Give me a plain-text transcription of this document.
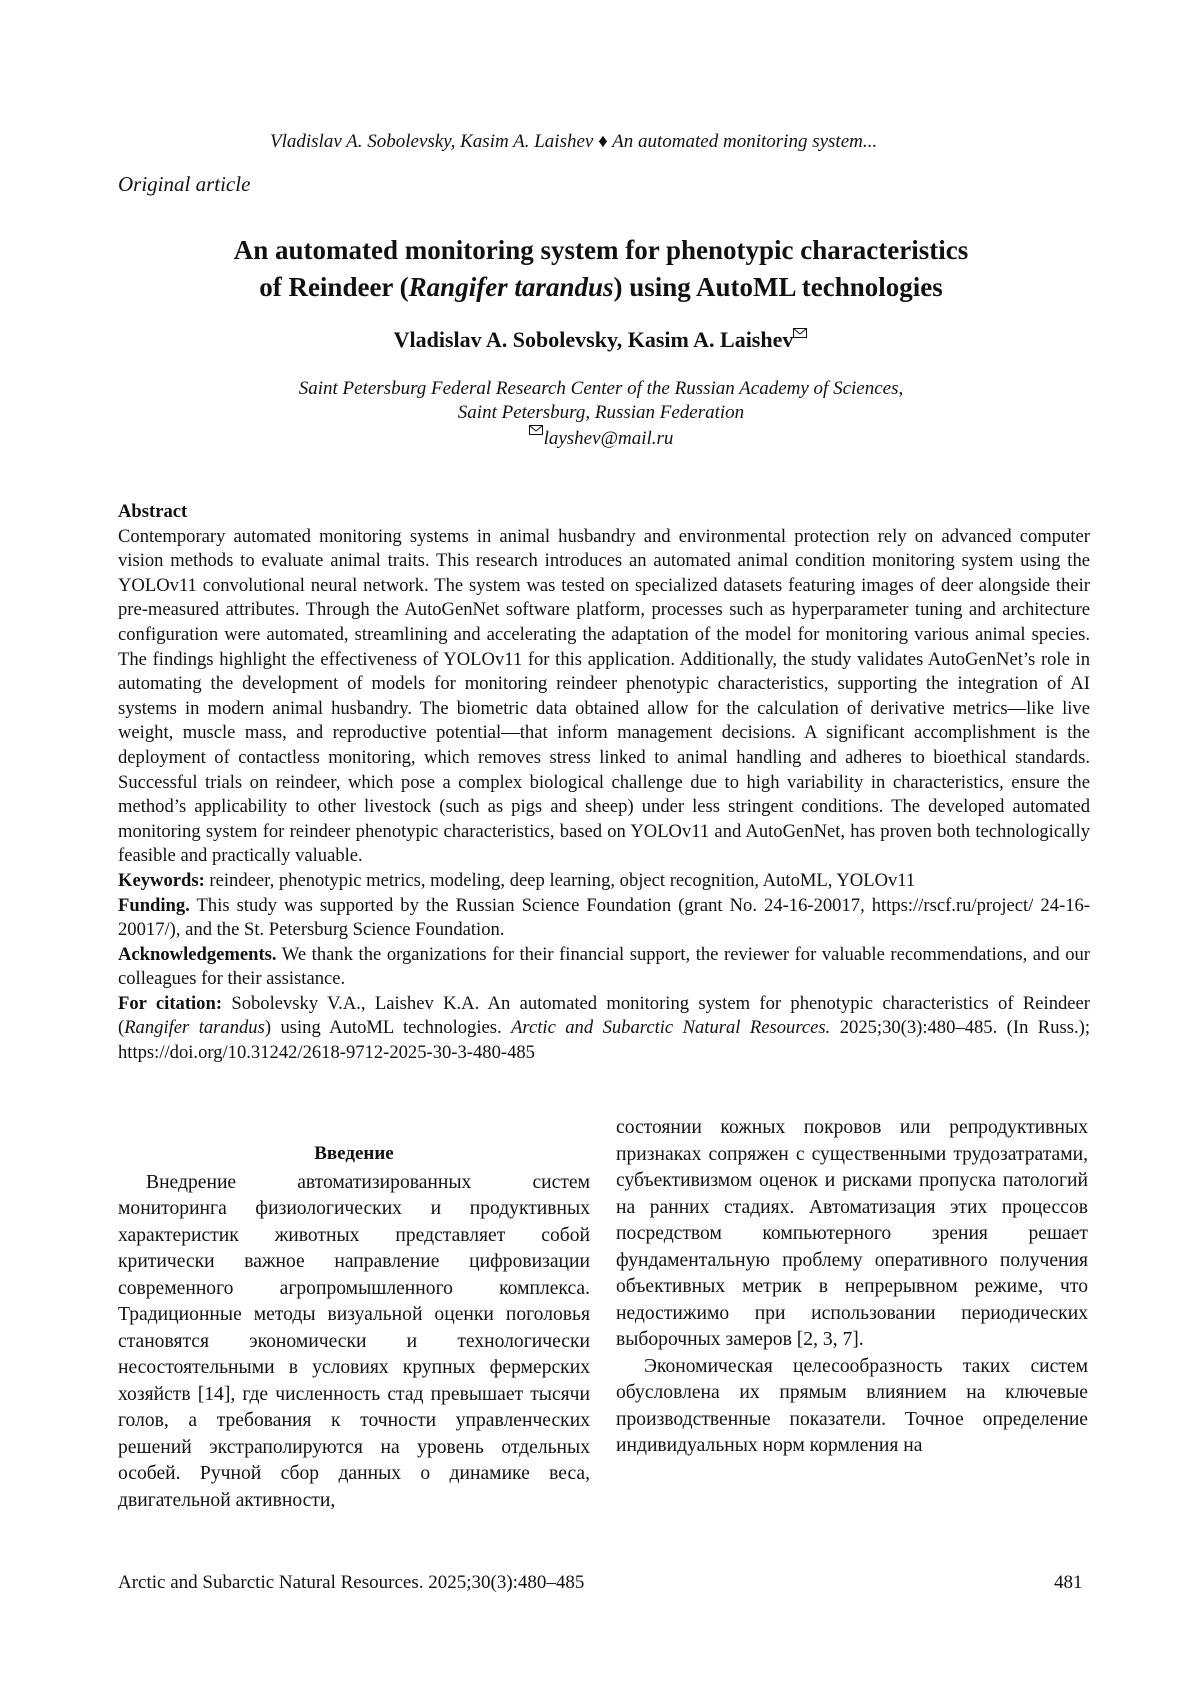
Vladislav A. Sobolevsky, Kasim A. Laishev ♦ An automated monitoring system...
Original article
An automated monitoring system for phenotypic characteristics
of Reindeer (Rangifer tarandus) using AutoML technologies
Vladislav A. Sobolevsky, Kasim A. Laishev
Saint Petersburg Federal Research Center of the Russian Academy of Sciences,
Saint Petersburg, Russian Federation
layshev@mail.ru

Abstract

Contemporary automated monitoring systems in animal husbandry and environmental protection rely on advanced computer vision methods to evaluate animal traits. This research introduces an automated animal condition monitoring system using the YOLOv11 convolutional neural network. The system was tested on specialized datasets featuring images of deer alongside their pre-measured attributes. Through the AutoGenNet software platform, processes such as hyperparameter tuning and architecture configuration were automated, streamlining and accelerating the adaptation of the model for monitoring various animal species. The findings highlight the effectiveness of YOLOv11 for this application. Additionally, the study validates AutoGenNet’s role in automating the development of models for monitoring reindeer phenotypic characteristics, supporting the integration of AI systems in modern animal husbandry. The biometric data obtained allow for the calculation of derivative metrics—like live weight, muscle mass, and reproductive potential—that inform management decisions. A significant accomplishment is the deployment of contactless monitoring, which removes stress linked to animal handling and adheres to bioethical standards. Successful trials on reindeer, which pose a complex biological challenge due to high variability in characteristics, ensure the method’s applicability to other livestock (such as pigs and sheep) under less stringent conditions. The developed automated monitoring system for reindeer phenotypic characteristics, based on YOLOv11 and AutoGenNet, has proven both technologically feasible and practically valuable.

Keywords: reindeer, phenotypic metrics, modeling, deep learning, object recognition, AutoML, YOLOv11

Funding. This study was supported by the Russian Science Foundation (grant No. 24-16-20017, https://rscf.ru/project/ 24-16-20017/), and the St. Petersburg Science Foundation.

Acknowledgements. We thank the organizations for their financial support, the reviewer for valuable recommendations, and our colleagues for their assistance.

For citation: Sobolevsky V.A., Laishev K.A. An automated monitoring system for phenotypic characteristics of Reindeer (Rangifer tarandus) using AutoML technologies. Arctic and Subarctic Natural Resources. 2025;30(3):480–485. (In Russ.); https://doi.org/10.31242/2618-9712-2025-30-3-480-485

Введение

Внедрение автоматизированных систем мониторинга физиологических и продуктивных характеристик животных представляет собой критически важное направление цифровизации современного агропромышленного комплекса. Традиционные методы визуальной оценки поголовья становятся экономически и технологически несостоятельными в условиях крупных фермерских хозяйств [14], где численность стад превышает тысячи голов, а требования к точности управленческих решений экстраполируются на уровень отдельных особей. Ручной сбор данных о динамике веса, двигательной активности,

состоянии кожных покровов или репродуктивных признаках сопряжен с существенными трудозатратами, субъективизмом оценок и рисками пропуска патологий на ранних стадиях. Автоматизация этих процессов посредством компьютерного зрения решает фундаментальную проблему оперативного получения объективных метрик в непрерывном режиме, что недостижимо при использовании периодических выборочных замеров [2, 3, 7].

Экономическая целесообразность таких систем обусловлена их прямым влиянием на ключевые производственные показатели. Точное определение индивидуальных норм кормления на

Arctic and Subarctic Natural Resources. 2025;30(3):480–485	481
